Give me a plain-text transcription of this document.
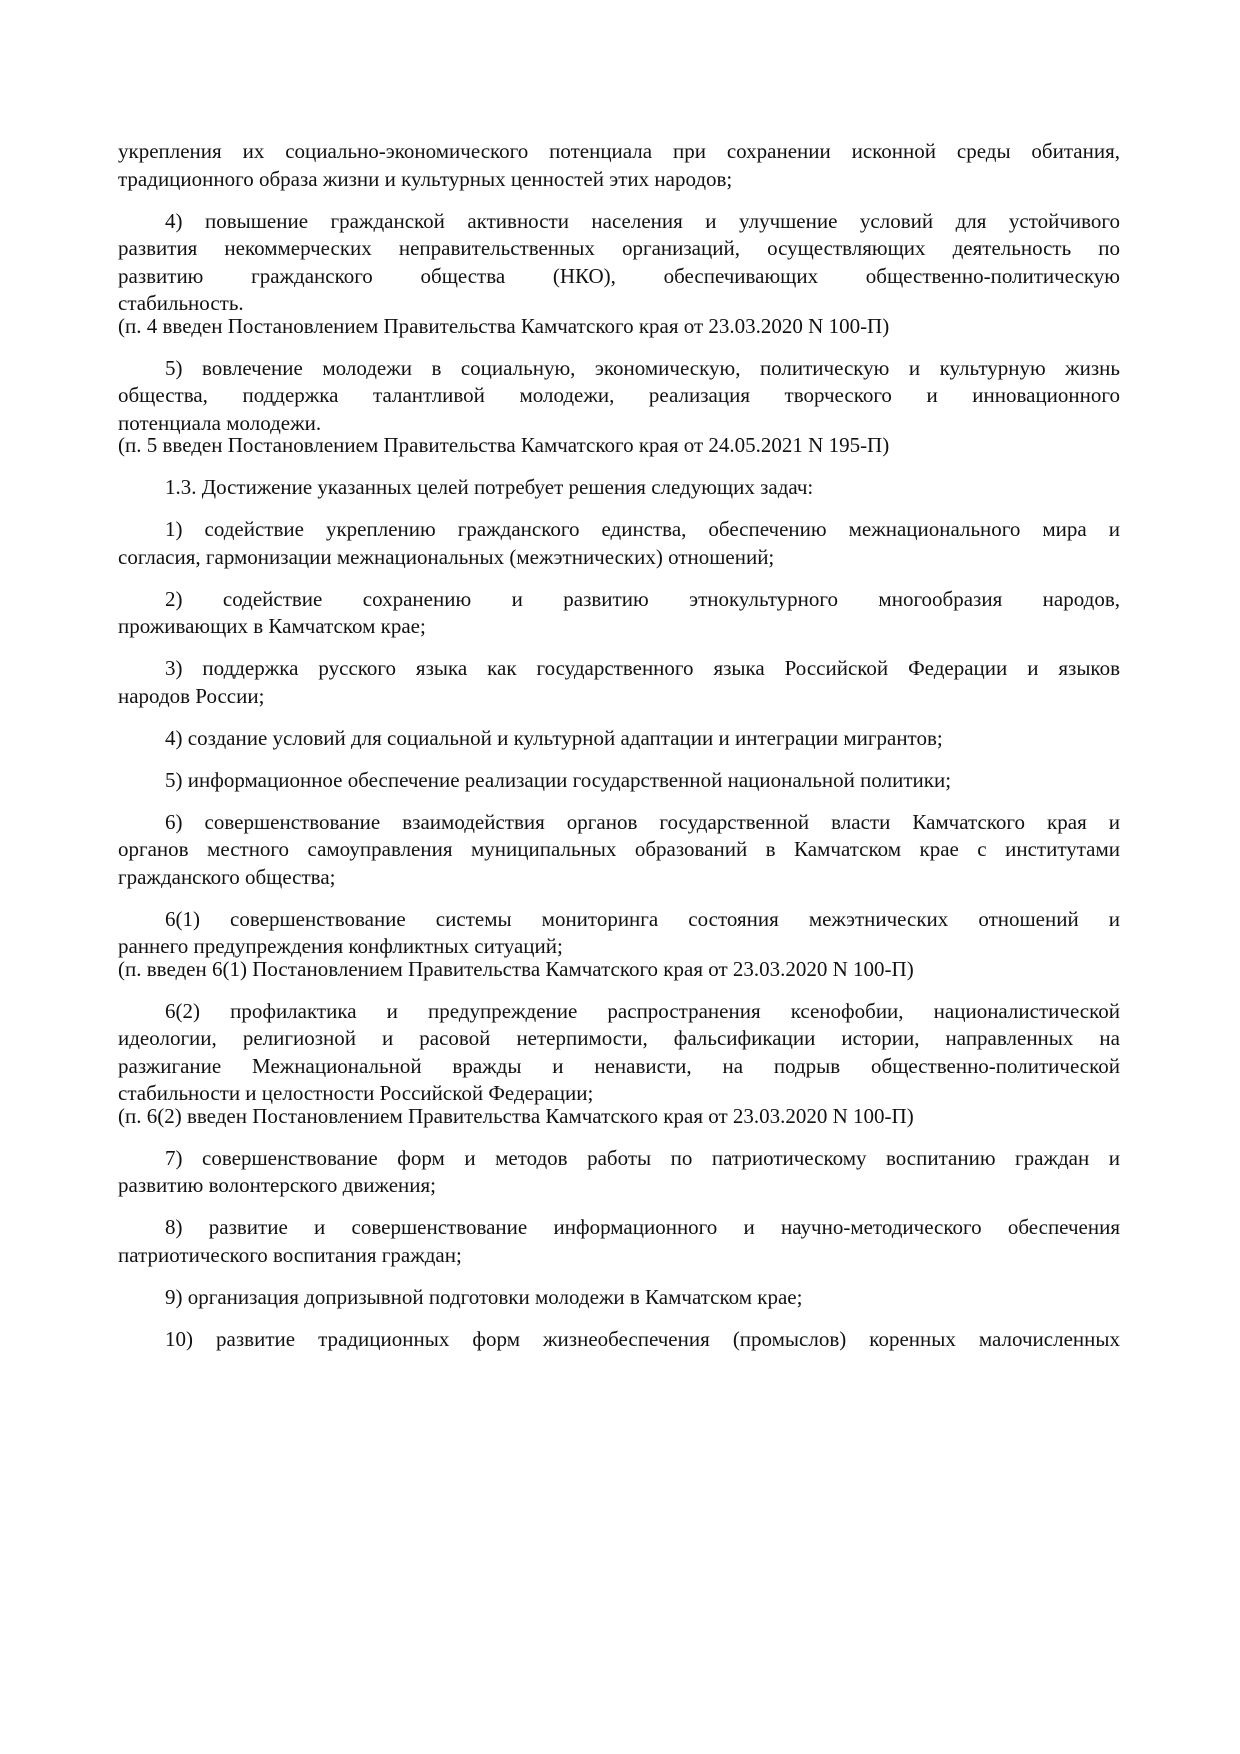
укрепления их социально-экономического потенциала при сохранении исконной среды обитания,
традиционного образа жизни и культурных ценностей этих народов;
4) повышение гражданской активности населения и улучшение условий для устойчивого
развития некоммерческих неправительственных организаций, осуществляющих деятельность по
развитию гражданского общества (НКО), обеспечивающих общественно-политическую
стабильность.
(п. 4 введен Постановлением Правительства Камчатского края от 23.03.2020 N 100-П)
5) вовлечение молодежи в социальную, экономическую, политическую и культурную жизнь
общества, поддержка талантливой молодежи, реализация творческого и инновационного
потенциала молодежи.
(п. 5 введен Постановлением Правительства Камчатского края от 24.05.2021 N 195-П)
1.3. Достижение указанных целей потребует решения следующих задач:
1) содействие укреплению гражданского единства, обеспечению межнационального мира и
согласия, гармонизации межнациональных (межэтнических) отношений;
2) содействие сохранению и развитию этнокультурного многообразия народов,
проживающих в Камчатском крае;
3) поддержка русского языка как государственного языка Российской Федерации и языков
народов России;
4) создание условий для социальной и культурной адаптации и интеграции мигрантов;
5) информационное обеспечение реализации государственной национальной политики;
6) совершенствование взаимодействия органов государственной власти Камчатского края и
органов местного самоуправления муниципальных образований в Камчатском крае с институтами
гражданского общества;
6(1) совершенствование системы мониторинга состояния межэтнических отношений и
раннего предупреждения конфликтных ситуаций;
(п. введен 6(1) Постановлением Правительства Камчатского края от 23.03.2020 N 100-П)
6(2) профилактика и предупреждение распространения ксенофобии, националистической
идеологии, религиозной и расовой нетерпимости, фальсификации истории, направленных на
разжигание Межнациональной вражды и ненависти, на подрыв общественно-политической
стабильности и целостности Российской Федерации;
(п. 6(2) введен Постановлением Правительства Камчатского края от 23.03.2020 N 100-П)
7) совершенствование форм и методов работы по патриотическому воспитанию граждан и
развитию волонтерского движения;
8) развитие и совершенствование информационного и научно-методического обеспечения
патриотического воспитания граждан;
9) организация допризывной подготовки молодежи в Камчатском крае;
10) развитие традиционных форм жизнеобеспечения (промыслов) коренных малочисленных
